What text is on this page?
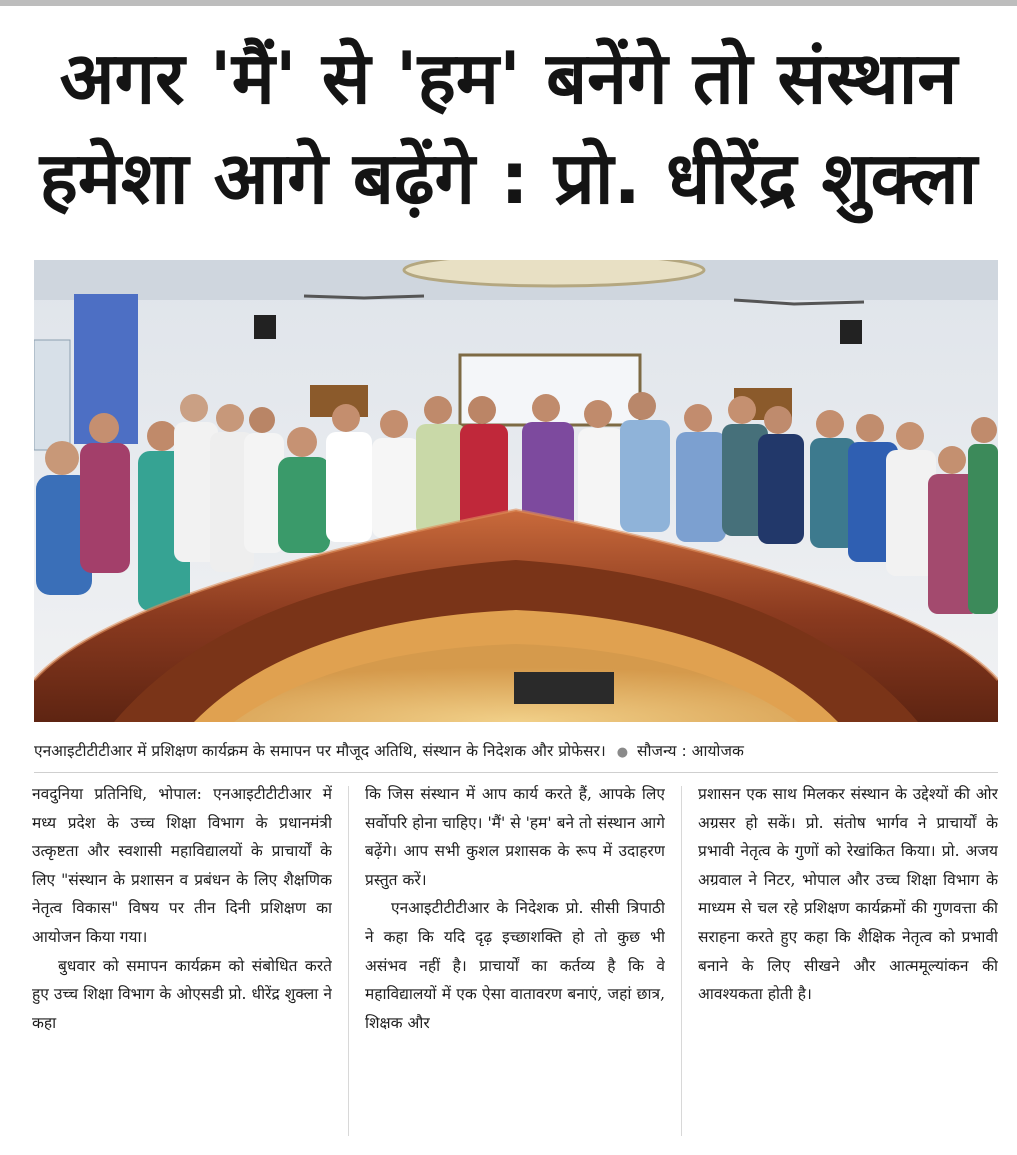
अगर 'मैं' से 'हम' बनेंगे तो संस्थान
हमेशा आगे बढ़ेंगे : प्रो. धीरेंद्र शुक्ला
एनआइटीटीटीआर में प्रशिक्षण कार्यक्रम के समापन पर मौजूद अतिथि, संस्थान के निदेशक और प्रोफेसर। ● सौजन्य : आयोजक

नवदुनिया प्रतिनिधि, भोपाल: एनआइटीटीटीआर में मध्य प्रदेश के उच्च शिक्षा विभाग के प्रधानमंत्री उत्कृष्टता और स्वशासी महाविद्यालयों के प्राचार्यों के लिए "संस्थान के प्रशासन व प्रबंधन के लिए शैक्षणिक नेतृत्व विकास" विषय पर तीन दिनी प्रशिक्षण का आयोजन किया गया।

बुधवार को समापन कार्यक्रम को संबोधित करते हुए उच्च शिक्षा विभाग के ओएसडी प्रो. धीरेंद्र शुक्ला ने कहा

कि जिस संस्थान में आप कार्य करते हैं, आपके लिए सर्वोपरि होना चाहिए। 'मैं' से 'हम' बने तो संस्थान आगे बढ़ेंगे। आप सभी कुशल प्रशासक के रूप में उदाहरण प्रस्तुत करें।

एनआइटीटीटीआर के निदेशक प्रो. सीसी त्रिपाठी ने कहा कि यदि दृढ़ इच्छाशक्ति हो तो कुछ भी असंभव नहीं है। प्राचार्यों का कर्तव्य है कि वे महाविद्यालयों में एक ऐसा वातावरण बनाएं, जहां छात्र, शिक्षक और

प्रशासन एक साथ मिलकर संस्थान के उद्देश्यों की ओर अग्रसर हो सकें। प्रो. संतोष भार्गव ने प्राचार्यों के प्रभावी नेतृत्व के गुणों को रेखांकित किया। प्रो. अजय अग्रवाल ने निटर, भोपाल और उच्च शिक्षा विभाग के माध्यम से चल रहे प्रशिक्षण कार्यक्रमों की गुणवत्ता की सराहना करते हुए कहा कि शैक्षिक नेतृत्व को प्रभावी बनाने के लिए सीखने और आत्ममूल्यांकन की आवश्यकता होती है।
